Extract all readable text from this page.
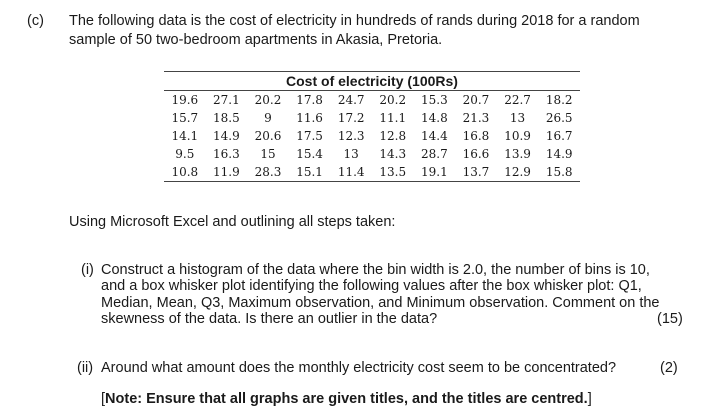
(c) The following data is the cost of electricity in hundreds of rands during 2018 for a random
sample of 50 two-bedroom apartments in Akasia, Pretoria.
Cost of electricity (100Rs)
19.6	27.1	20.2	17.8	24.7	20.2	15.3	20.7	22.7	18.2
15.7	18.5	9	11.6	17.2	11.1	14.8	21.3	13	26.5
14.1	14.9	20.6	17.5	12.3	12.8	14.4	16.8	10.9	16.7
9.5	16.3	15	15.4	13	14.3	28.7	16.6	13.9	14.9
10.8	11.9	28.3	15.1	11.4	13.5	19.1	13.7	12.9	15.8
Using Microsoft Excel and outlining all steps taken:
(i) Construct a histogram of the data where the bin width is 2.0, the number of bins is 10,
and a box whisker plot identifying the following values after the box whisker plot: Q1,
Median, Mean, Q3, Maximum observation, and Minimum observation. Comment on the
skewness of the data. Is there an outlier in the data?	(15)
(ii) Around what amount does the monthly electricity cost seem to be concentrated?	(2)
[Note: Ensure that all graphs are given titles, and the titles are centred.]
